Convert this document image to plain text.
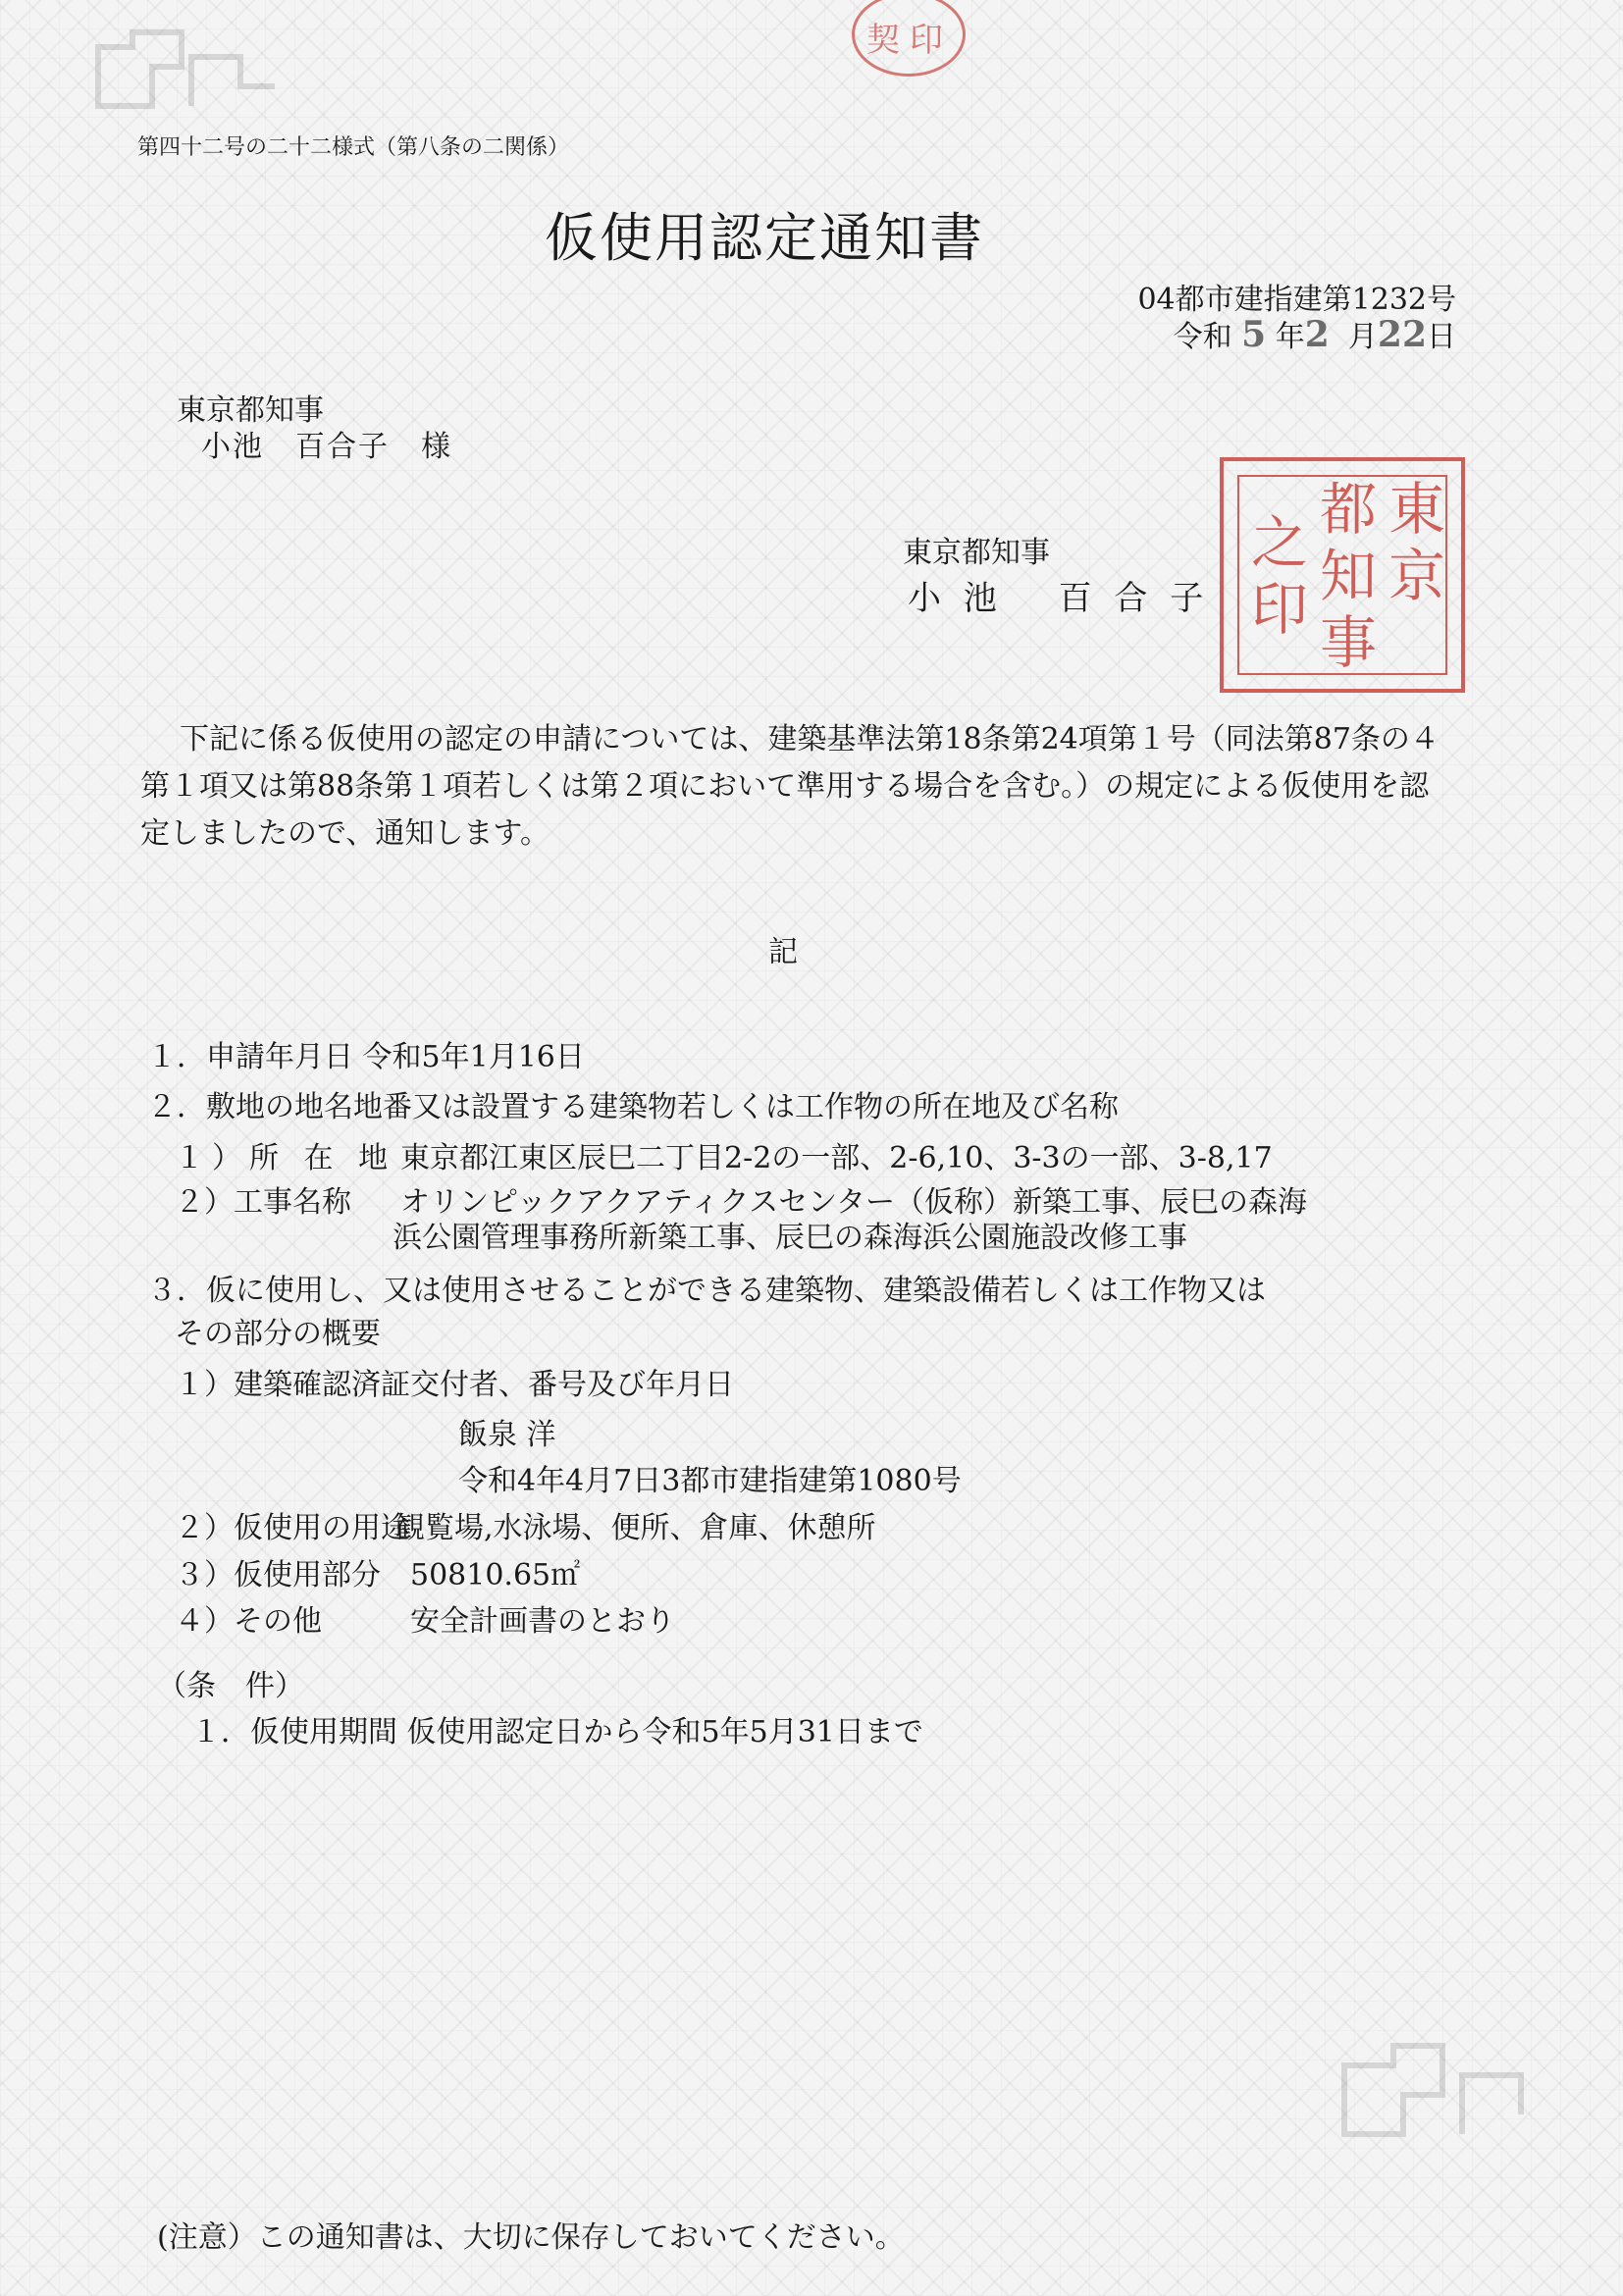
契 印
第四十二号の二十二様式（第八条の二関係）
仮使用認定通知書
04都市建指建第1232号
令和 5 年2 月22日
東京都知事
小池　百合子　様
東京都知事
小 池　 百 合 子
東
京
都
知
事
之
印
下記に係る仮使用の認定の申請については、建築基準法第18条第24項第１号（同法第87条の４第１項又は第88条第１項若しくは第２項において準用する場合を含む。）の規定による仮使用を認定しましたので、通知します。
記
１．申請年月日 令和5年1月16日
２．敷地の地名地番又は設置する建築物若しくは工作物の所在地及び名称
１）所 在 地 東京都江東区辰巳二丁目2-2の一部、2-6,10、3-3の一部、3-8,17
２）工事名称 オリンピックアクアティクスセンター（仮称）新築工事、辰巳の森海
浜公園管理事務所新築工事、辰巳の森海浜公園施設改修工事
３．仮に使用し、又は使用させることができる建築物、建築設備若しくは工作物又は
その部分の概要
１）建築確認済証交付者、番号及び年月日
飯泉 洋
令和4年4月7日3都市建指建第1080号
２）仮使用の用途観覧場,水泳場、便所、倉庫、休憩所
３）仮使用部分 50810.65㎡
４）その他	安全計画書のとおり
（条　件）
１．仮使用期間 仮使用認定日から令和5年5月31日まで
(注意）この通知書は、大切に保存しておいてください。
